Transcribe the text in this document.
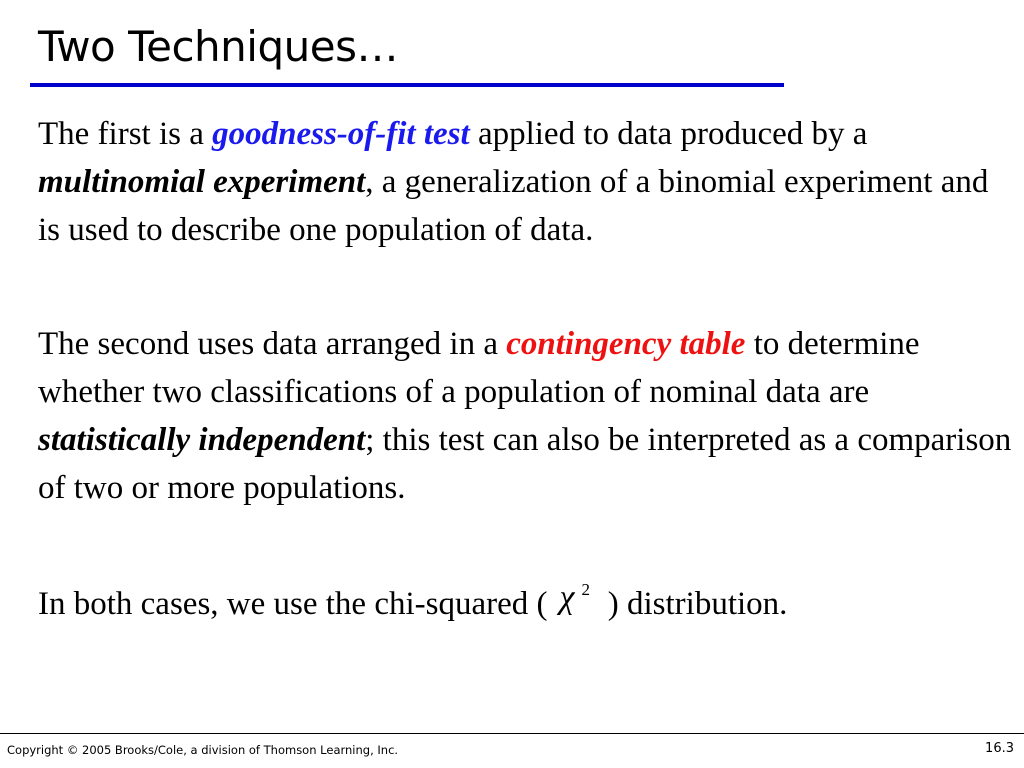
Two Techniques…
The first is a goodness-of-fit test applied to data produced by a multinomial experiment, a generalization of a binomial experiment and is used to describe one population of data.
The second uses data arranged in a contingency table to determine whether two classifications of a population of nominal data are statistically independent; this test can also be interpreted as a comparison of two or more populations.
In both cases, we use the chi-squared ( χ 2 ) distribution.
Copyright © 2005 Brooks/Cole, a division of Thomson Learning, Inc.	16.3
